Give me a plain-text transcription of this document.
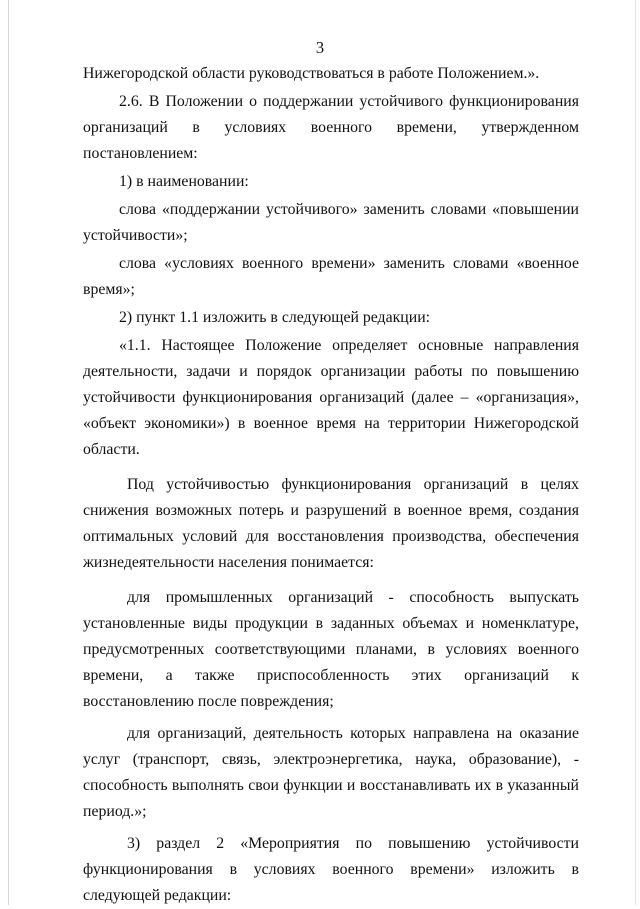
3
Нижегородской области руководствоваться в работе Положением.».
2.6. В Положении о поддержании устойчивого функционирования организаций в условиях военного времени, утвержденном постановлением:
1) в наименовании:
слова «поддержании устойчивого» заменить словами «повышении устойчивости»;
слова «условиях военного времени» заменить словами «военное время»;
2) пункт 1.1 изложить в следующей редакции:
«1.1. Настоящее Положение определяет основные направления деятельности, задачи и порядок организации работы по повышению устойчивости функционирования организаций (далее – «организация», «объект экономики») в военное время на территории Нижегородской области.
Под устойчивостью функционирования организаций в целях снижения возможных потерь и разрушений в военное время, создания оптимальных условий для восстановления производства, обеспечения жизнедеятельности населения понимается:
для промышленных организаций - способность выпускать установленные виды продукции в заданных объемах и номенклатуре, предусмотренных соответствующими планами, в условиях военного времени, а также приспособленность этих организаций к восстановлению после повреждения;
для организаций, деятельность которых направлена на оказание услуг (транспорт, связь, электроэнергетика, наука, образование), - способность выполнять свои функции и восстанавливать их в указанный период.»;
3) раздел 2 «Мероприятия по повышению устойчивости функционирования в условиях военного времени» изложить в следующей редакции:
